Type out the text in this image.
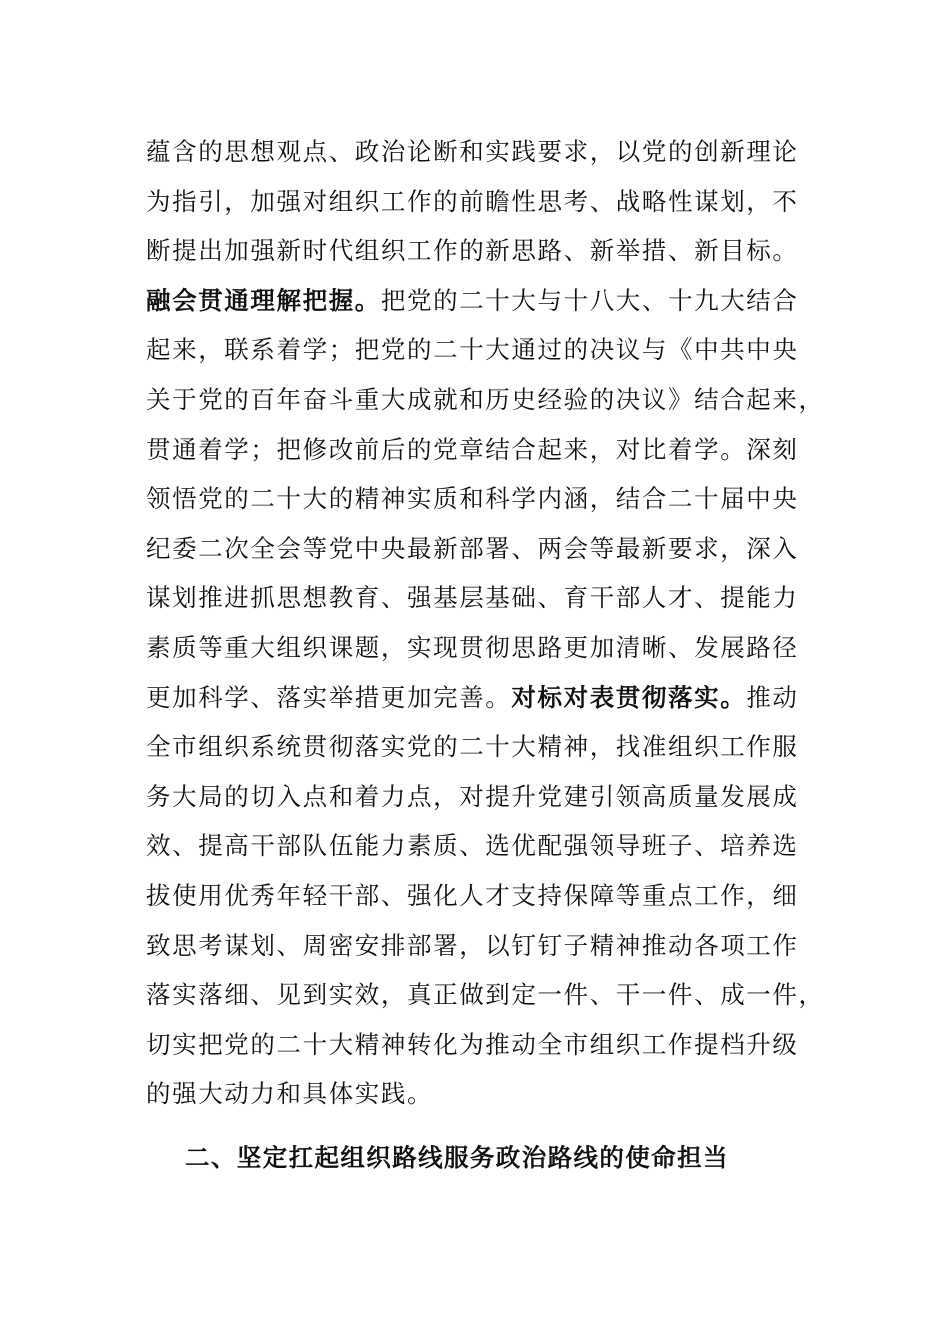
蕴含的思想观点、政治论断和实践要求，以党的创新理论
为指引，加强对组织工作的前瞻性思考、战略性谋划，不
断提出加强新时代组织工作的新思路、新举措、新目标。
融会贯通理解把握。把党的二十大与十八大、十九大结合
起来，联系着学；把党的二十大通过的决议与《中共中央
关于党的百年奋斗重大成就和历史经验的决议》结合起来，
贯通着学；把修改前后的党章结合起来，对比着学。深刻
领悟党的二十大的精神实质和科学内涵，结合二十届中央
纪委二次全会等党中央最新部署、两会等最新要求，深入
谋划推进抓思想教育、强基层基础、育干部人才、提能力
素质等重大组织课题，实现贯彻思路更加清晰、发展路径
更加科学、落实举措更加完善。对标对表贯彻落实。推动
全市组织系统贯彻落实党的二十大精神，找准组织工作服
务大局的切入点和着力点，对提升党建引领高质量发展成
效、提高干部队伍能力素质、选优配强领导班子、培养选
拔使用优秀年轻干部、强化人才支持保障等重点工作，细
致思考谋划、周密安排部署，以钉钉子精神推动各项工作
落实落细、见到实效，真正做到定一件、干一件、成一件，
切实把党的二十大精神转化为推动全市组织工作提档升级
的强大动力和具体实践。
二、坚定扛起组织路线服务政治路线的使命担当
